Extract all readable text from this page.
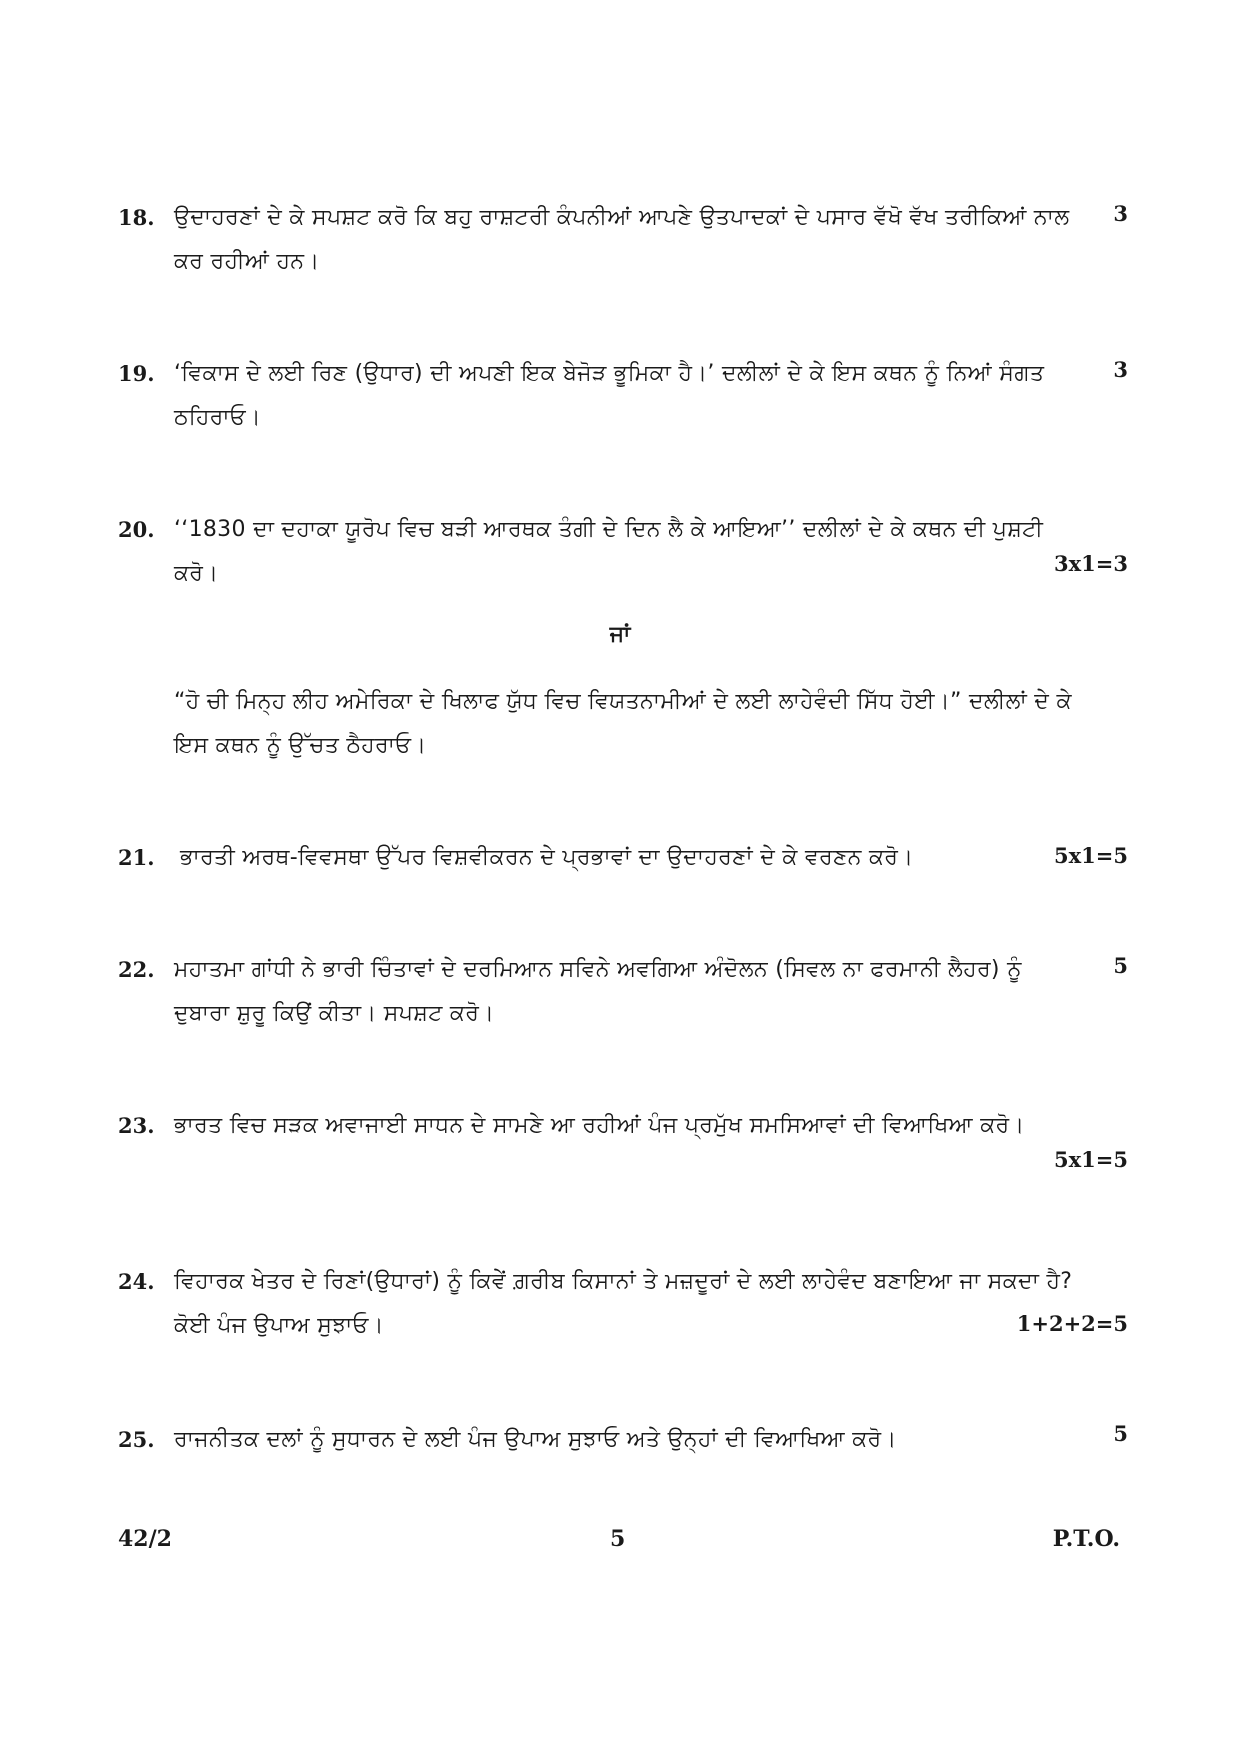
18. ਉਦਾਹਰਣਾਂ ਦੇ ਕੇ ਸਪਸ਼ਟ ਕਰੋ ਕਿ ਬਹੁ ਰਾਸ਼ਟਰੀ ਕੰਪਨੀਆਂ ਆਪਣੇ ਉਤਪਾਦਕਾਂ ਦੇ ਪਸਾਰ ਵੱਖੋ ਵੱਖ ਤਰੀਕਿਆਂ ਨਾਲ ਕਰ ਰਹੀਆਂ ਹਨ।
3
19. ‘ਵਿਕਾਸ ਦੇ ਲਈ ਰਿਣ (ਉਧਾਰ) ਦੀ ਅਪਣੀ ਇਕ ਬੇਜੋੜ ਭੂਮਿਕਾ ਹੈ।’ ਦਲੀਲਾਂ ਦੇ ਕੇ ਇਸ ਕਥਨ ਨੂੰ ਨਿਆਂ ਸੰਗਤ ਠਹਿਰਾਓ।
3
20. ‘‘1830 ਦਾ ਦਹਾਕਾ ਯੂਰੋਪ ਵਿਚ ਬੜੀ ਆਰਥਕ ਤੰਗੀ ਦੇ ਦਿਨ ਲੈ ਕੇ ਆਇਆ’’ ਦਲੀਲਾਂ ਦੇ ਕੇ ਕਥਨ ਦੀ ਪੁਸ਼ਟੀ ਕਰੋ।	3x1=3
ਜਾਂ
“ਹੋ ਚੀ ਮਿਨ੍ਹ ਲੀਹ ਅਮੇਰਿਕਾ ਦੇ ਖਿਲਾਫ ਯੁੱਧ ਵਿਚ ਵਿਯਤਨਾਮੀਆਂ ਦੇ ਲਈ ਲਾਹੇਵੰਦੀ ਸਿੱਧ ਹੋਈ।” ਦਲੀਲਾਂ ਦੇ ਕੇ ਇਸ ਕਥਨ ਨੂੰ ਉੱਚਤ ਠੈਹਰਾਓ।
21.	ਭਾਰਤੀ ਅਰਥ-ਵਿਵਸਥਾ ਉੱਪਰ ਵਿਸ਼ਵੀਕਰਨ ਦੇ ਪ੍ਰਭਾਵਾਂ ਦਾ ਉਦਾਹਰਣਾਂ ਦੇ ਕੇ ਵਰਣਨ ਕਰੋ।	5x1=5
22. ਮਹਾਤਮਾ ਗਾਂਧੀ ਨੇ ਭਾਰੀ ਚਿੰਤਾਵਾਂ ਦੇ ਦਰਮਿਆਨ ਸਵਿਨੇ ਅਵਗਿਆ ਅੰਦੋਲਨ (ਸਿਵਲ ਨਾ ਫਰਮਾਨੀ ਲੈਹਰ) ਨੂੰ ਦੁਬਾਰਾ ਸ਼ੁਰੂ ਕਿਉਂ ਕੀਤਾ। ਸਪਸ਼ਟ ਕਰੋ।
5
23. ਭਾਰਤ ਵਿਚ ਸੜਕ ਅਵਾਜਾਈ ਸਾਧਨ ਦੇ ਸਾਮਣੇ ਆ ਰਹੀਆਂ ਪੰਜ ਪ੍ਰਮੁੱਖ ਸਮਸਿਆਵਾਂ ਦੀ ਵਿਆਖਿਆ ਕਰੋ।
5x1=5
24. ਵਿਹਾਰਕ ਖੇਤਰ ਦੇ ਰਿਣਾਂ(ਉਧਾਰਾਂ) ਨੂੰ ਕਿਵੇਂ ਗ਼ਰੀਬ ਕਿਸਾਨਾਂ ਤੇ ਮਜ਼ਦੂਰਾਂ ਦੇ ਲਈ ਲਾਹੇਵੰਦ ਬਣਾਇਆ ਜਾ ਸਕਦਾ ਹੈ? ਕੋਈ ਪੰਜ ਉਪਾਅ ਸੁਝਾਓ।	1+2+2=5
25. ਰਾਜਨੀਤਕ ਦਲਾਂ ਨੂੰ ਸੁਧਾਰਨ ਦੇ ਲਈ ਪੰਜ ਉਪਾਅ ਸੁਝਾਓ ਅਤੇ ਉਨ੍ਹਾਂ ਦੀ ਵਿਆਖਿਆ ਕਰੋ।	5
42/2	5	P.T.O.
